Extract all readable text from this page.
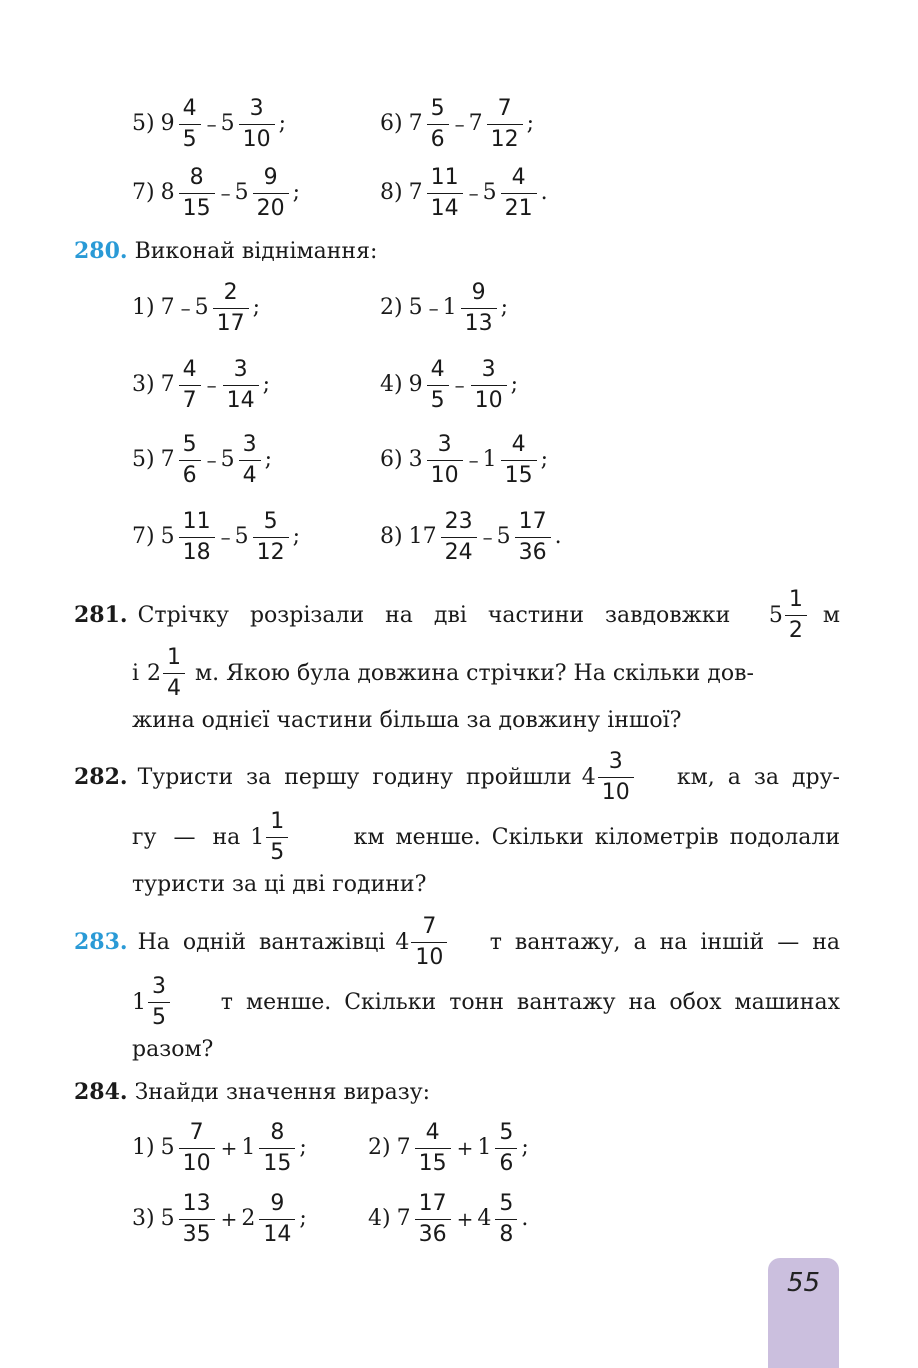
5) $9 \frac{4}{5} - 5 \frac{3}{10}$ ;	6) $7 \frac{5}{6} - 7 \frac{7}{12}$ ;
7) $8 \frac{8}{15} - 5 \frac{9}{20}$ ;	8) $7 \frac{11}{14} - 5 \frac{4}{21}$ .
280. Виконай віднімання:
1) $7 - 5 \frac{2}{17}$ ;	2) $5 - 1 \frac{9}{13}$ ;
3) $7 \frac{4}{7} - \frac{3}{14}$ ;	4) $9 \frac{4}{5} - \frac{3}{10}$ ;
5) $7 \frac{5}{6} - 5 \frac{3}{4}$ ;	6) $3 \frac{3}{10} - 1 \frac{4}{15}$ ;
7) $5 \frac{11}{18} - 5 \frac{5}{12}$ ;	8) $17 \frac{23}{24} - 5 \frac{17}{36}$ .
281. Стрічку розрізали на дві частини завдовжки $5 \frac{1}{2}$ м
і $2 \frac{1}{4} м$. Якою була довжина стрічки? На скільки дов-
жина однієї частини більша за довжину іншої?
282. Туристи за першу годину пройшли $4 \frac{3}{10}$ км, а за дру-
гу — на $1 \frac{1}{5}$	км менше. Скільки кілометрів подолали
туристи за ці дві години?
283. На одній вантажівці $4 \frac{7}{10}$ т вантажу, а на іншій — на
$1 \frac{3}{5}$ т менше. Скільки тонн вантажу на обох машинах
разом?
284. Знайди значення виразу:
1) $5 \frac{7}{10} + 1 \frac{8}{15}$ ;	2) $7 \frac{4}{15} + 1 \frac{5}{6}$ ;
3) $5 \frac{13}{35} + 2 \frac{9}{14}$ ;	4) $7 \frac{17}{36} + 4 \frac{5}{8}$ .
55
